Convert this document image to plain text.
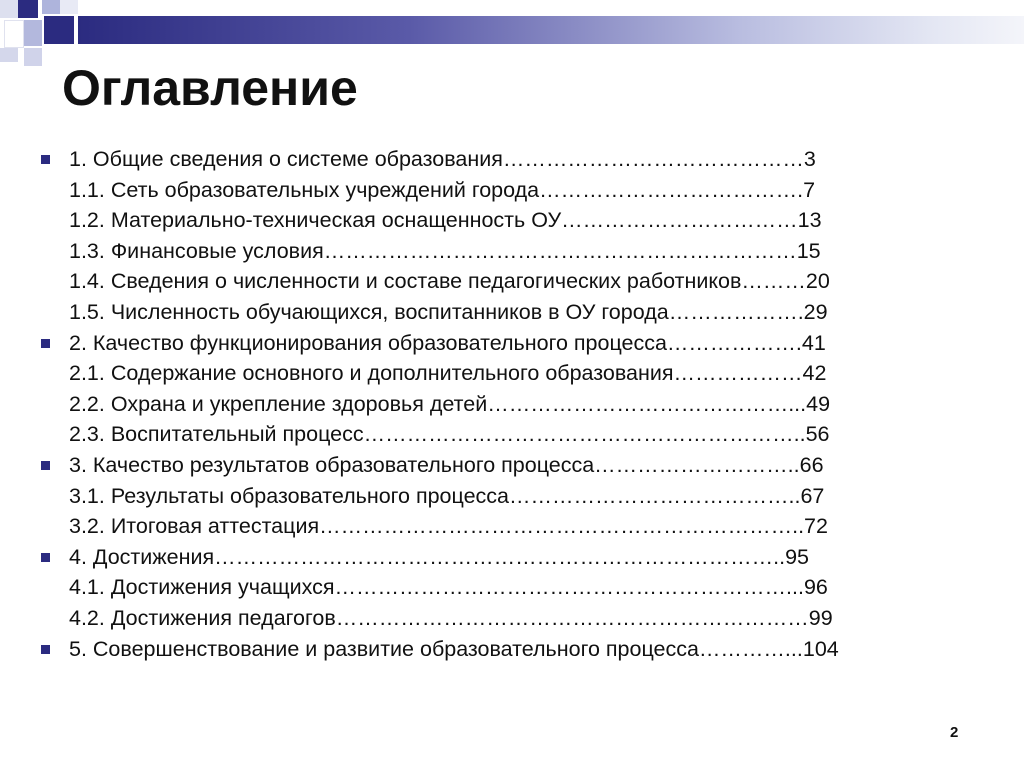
Оглавление
1. Общие сведения о системе образования……………………………………3
1.1. Сеть образовательных учреждений города……………………………….7
1.2. Материально-техническая оснащенность ОУ……………………………13
1.3. Финансовые условия…………………………………………………………15
1.4. Сведения о численности и составе педагогических работников………20
1.5. Численность обучающихся, воспитанников в ОУ города……………….29
2. Качество функционирования образовательного процесса……………….41
2.1. Содержание основного и дополнительного образования………………42
2.2. Охрана и укрепление здоровья детей……………………………………...49
2.3. Воспитательный процесс……………………………………………………..56
3. Качество результатов образовательного процесса………………………..66
3.1. Результаты образовательного процесса…………………………………..67
3.2. Итоговая аттестация…………………………………………………………..72
4. Достижения……………………………………………………………………..95
4.1. Достижения учащихся………………………………………………………...96
4.2. Достижения педагогов…………………………………………………………99
5. Совершенствование и развитие образовательного процесса…………...104
2
